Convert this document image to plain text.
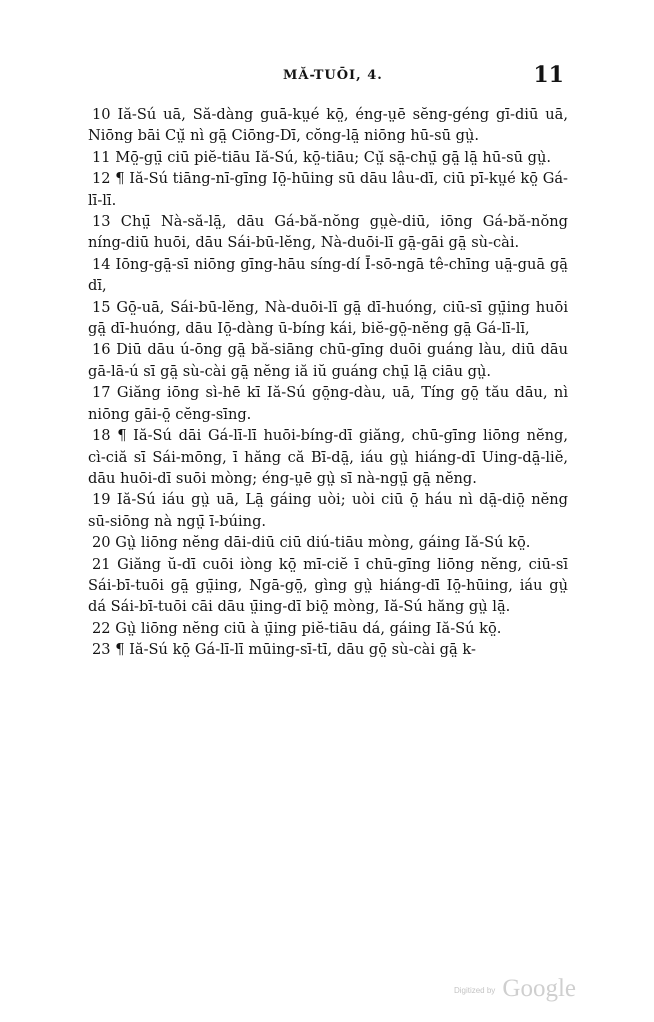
MĂ-TUŌI, 4.	11

10 Iă-Sú uā, Să-dàng guā-kṳé kō̤, éng-ṳē sĕng-géng gī-diū uā, Niōng bāi Cṳ̆ nì gā̤ Ciōng-Dī, cŏng-lā̤ niōng hū-sū gṳ̀.

11 Mō̤-gṳ̄ ciū piĕ-tiāu Iă-Sú, kō̤-tiāu; Cṳ̆ sā̤-chṳ̄ gā̤ lā̤ hū-sū gṳ̀.

12 ¶ Iă-Sú tiāng-nī-gīng Iō̤-hūing sū dāu lâu-dī, ciū pī-kṳé kō̤ Gá-lī-lī.

13 Chṳ̄ Nà-să-lā̤, dāu Gá-bă-nŏng gṳè-diū, iōng Gá-bă-nŏng níng-diū huōi, dāu Sái-bū-lĕng, Nà-duōi-lī gā̤-gāi gā̤ sù-cài.

14 Iōng-gā̤-sī niōng gīng-hāu síng-dí Ī-sō-ngā tê-chīng uā̤-guā gā̤ dī,

15 Gō̤-uā, Sái-bū-lĕng, Nà-duōi-lī gā̤ dī-huóng, ciū-sī gṳ̄ing huōi gā̤ dī-huóng, dāu Iō̤-dàng ū-bíng kái, biĕ-gō̤-nĕng gā̤ Gá-lī-lī,

16 Diū dāu ú-ōng gā̤ bă-siāng chū-gīng duōi guáng làu, diū dāu gā-lā-ú sī gā̤ sù-cài gā̤ nĕng iă iŭ guáng chṳ̄ lā̤ ciāu gṳ̀.

17 Giăng iōng sì-hē kī Iă-Sú gō̤ng-dàu, uā, Tíng gō̤ tău dāu, nì niōng gāi-ō̤ cĕng-sīng.

18 ¶ Iă-Sú dāi Gá-lī-lī huōi-bíng-dī giăng, chū-gīng liōng nĕng, cì-ciă sī Sái-mōng, ī hăng că Bī-dā̤, iáu gṳ̀ hiáng-dī Uing-dā̤-liĕ, dāu huōi-dī suōi mòng; éng-ṳē gṳ̀ sī nà-ngṳ̄ gā̤ nĕng.

19 Iă-Sú iáu gṳ̀ uā, Lā̤ gáing uòi; uòi ciū ō̤ háu nì dā̤-diō̤ nĕng sū-siōng nà ngṳ̄ ī-búing.

20 Gṳ̀ liōng nĕng dāi-diū ciū diú-tiāu mòng, gáing Iă-Sú kō̤.

21 Giăng ŭ-dī cuōi iòng kō̤ mī-ciĕ ī chū-gīng liōng nĕng, ciū-sī Sái-bī-tuōi gā̤ gṳ̄ing, Ngā-gō̤, gìng gṳ̀ hiáng-dī Iō̤-hūing, iáu gṳ̀ dá Sái-bī-tuōi cāi dāu ṳ̄ing-dī biō̤ mòng, Iă-Sú hăng gṳ̀ lā̤.

22 Gṳ̀ liōng nĕng ciū à ṳ̄ing piĕ-tiāu dá, gáing Iă-Sú kō̤.

23 ¶ Iă-Sú kō̤ Gá-lī-lī mūing-sī-tī, dāu gō̤ sù-cài gā̤ k-

Digitized by Google
